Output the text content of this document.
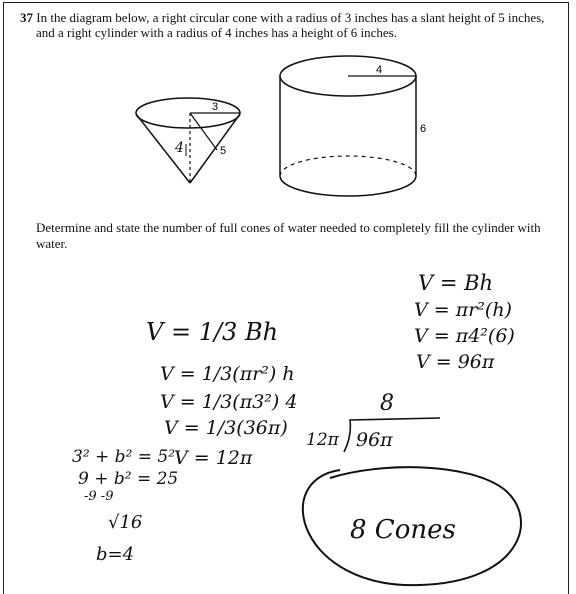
37 In the diagram below, a right circular cone with a radius of 3 inches has a slant height of 5 inches,
and a right cylinder with a radius of 4 inches has a height of 6 inches.
Determine and state the number of full cones of water needed to completely fill the cylinder with
water.
3
5
4
4
6
V = 1/3 Bh
V = 1/3(πr²) h
V = 1/3(π3²) 4
V = 1/3(36π)
V = 12π
3² + b² = 5²
9 + b² = 25
-9 -9
√16
b=4
V = Bh
V = πr²(h)
V = π4²(6)
V = 96π
8
12π 96π
8 Cones
